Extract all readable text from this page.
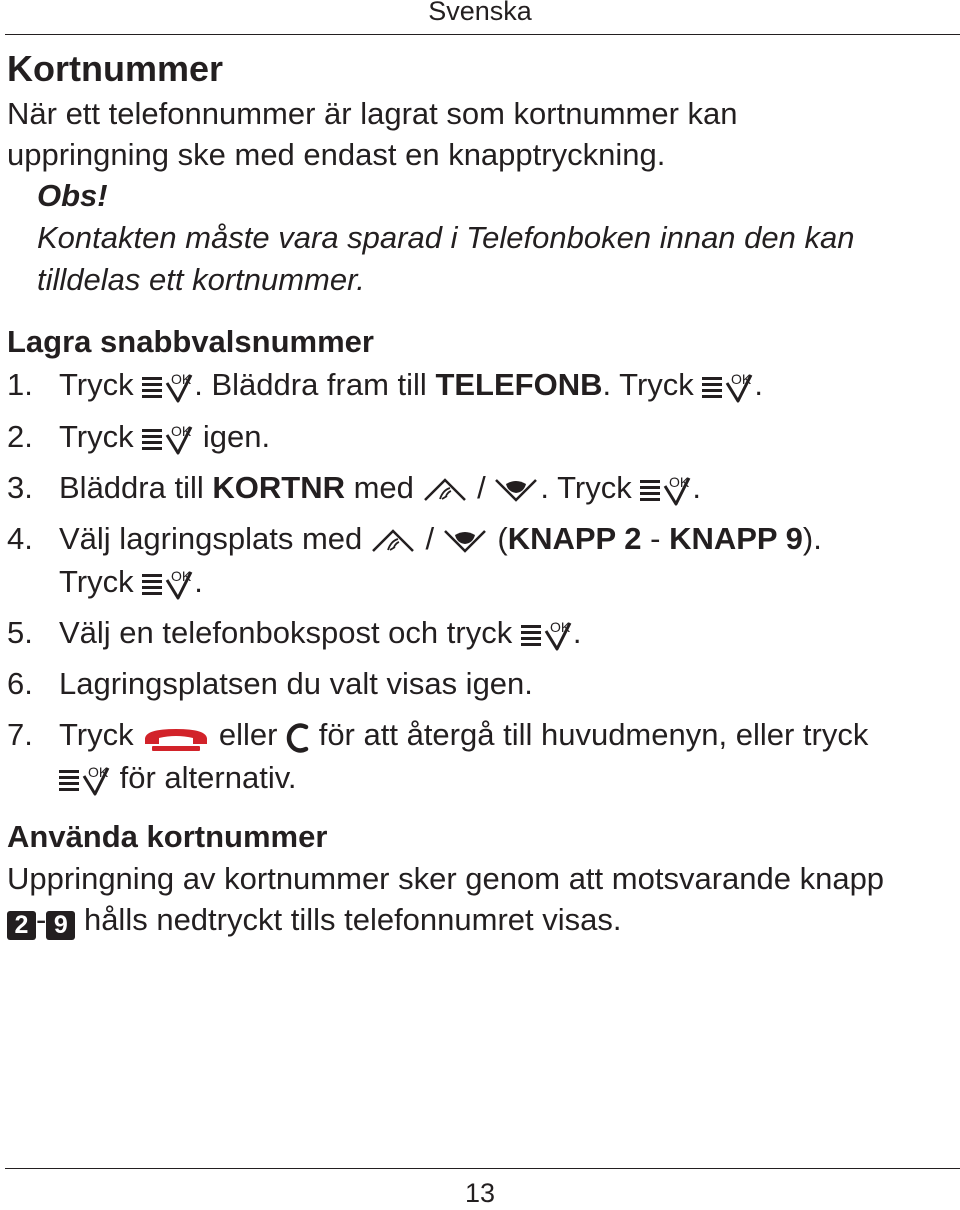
Svenska
Kortnummer
När ett telefonnummer är lagrat som kortnummer kan
uppringning ske med endast en knapptryckning.
Obs!
Kontakten måste vara sparad i Telefonboken innan den kan
tilldelas ett kortnummer.
Lagra snabbvalsnummer
1. Tryck . Bläddra fram till TELEFONB. Tryck .
2. Tryck igen.
3. Bläddra till KORTNR med / . Tryck .
4. Välj lagringsplats med / (KNAPP 2 - KNAPP 9).
Tryck .
5. Välj en telefonbokspost och tryck .
6. Lagringsplatsen du valt visas igen.
7. Tryck	eller för att återgå till huvudmenyn, eller tryck
för alternativ.
Använda kortnummer
Uppringning av kortnummer sker genom att motsvarande knapp
2 - 9 hålls nedtryckt tills telefonnumret visas.
13
